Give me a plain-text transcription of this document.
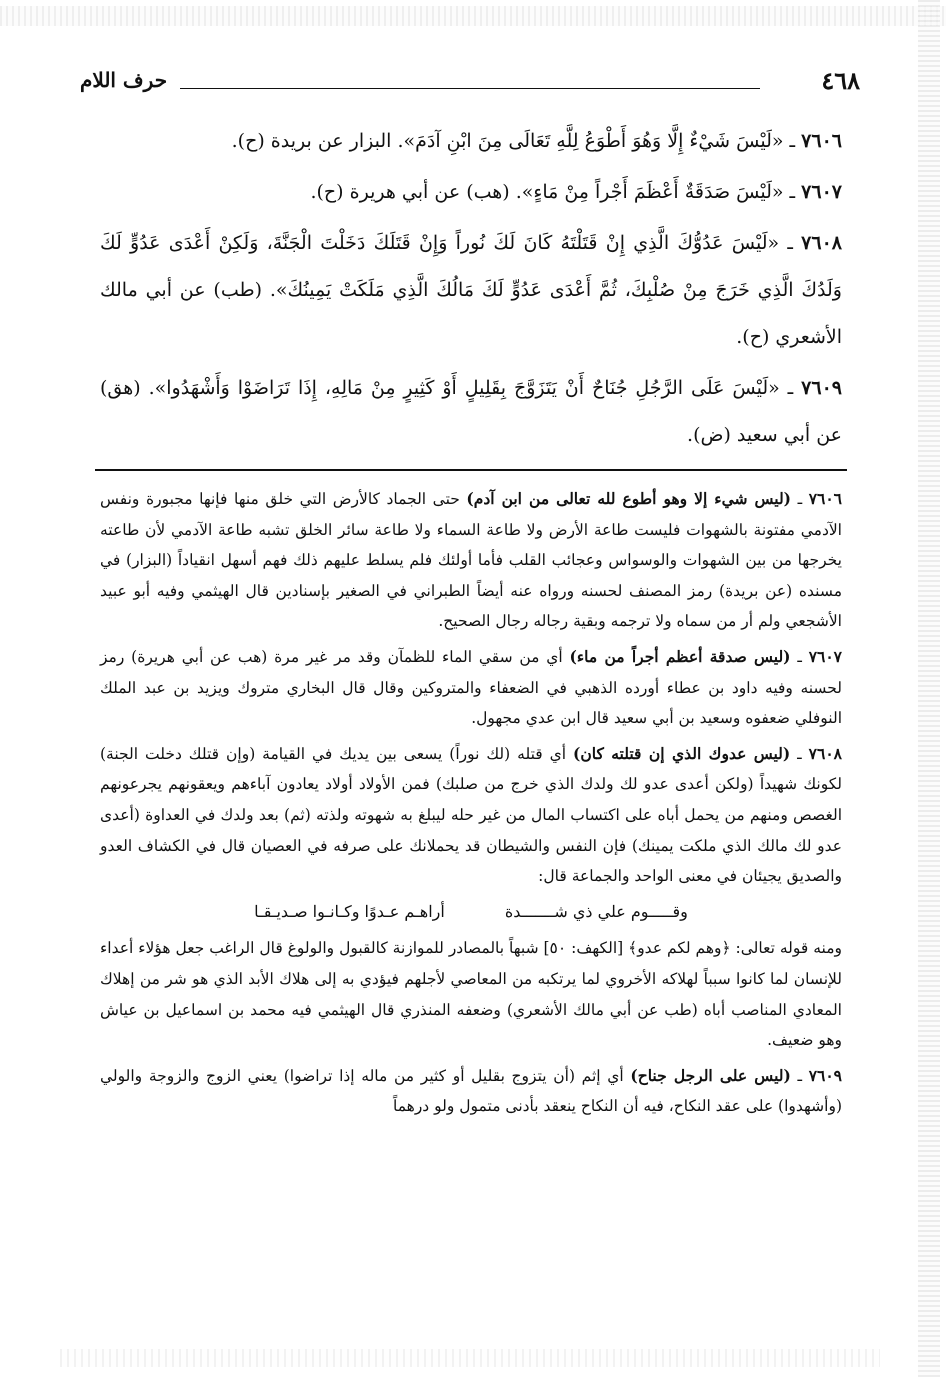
٤٦٨
حرف اللام

٧٦٠٦ ـ «لَيْسَ شَيْءٌ إِلَّا وَهُوَ أَطْوَعُ لِلَّهِ تَعَالَى مِنَ ابْنِ آدَمَ». البزار عن بريدة (ح).

٧٦٠٧ ـ «لَيْسَ صَدَقَةٌ أَعْظَمَ أَجْراً مِنْ مَاءٍ». (هب) عن أبي هريرة (ح).

٧٦٠٨ ـ «لَيْسَ عَدُوُّكَ الَّذِي إِنْ قَتَلْتَهُ كَانَ لَكَ نُوراً وَإِنْ قَتَلَكَ دَخَلْتَ الْجَنَّةَ، وَلَكِنْ أَعْدَى عَدُوٍّ لَكَ وَلَدُكَ الَّذِي خَرَجَ مِنْ صُلْبِكَ، ثُمَّ أَعْدَى عَدُوٍّ لَكَ مَالُكَ الَّذِي مَلَكَتْ يَمِينُكَ». (طب) عن أبي مالك الأشعري (ح).

٧٦٠٩ ـ «لَيْسَ عَلَى الرَّجُلِ جُنَاحٌ أَنْ يَتَزَوَّجَ بِقَلِيلٍ أَوْ كَثِيرٍ مِنْ مَالِهِ، إِذَا تَرَاضَوْا وَأَشْهَدُوا». (هق) عن أبي سعيد (ض).

٧٦٠٦ ـ (ليس شيء إلا وهو أطوع لله تعالى من ابن آدم) حتى الجماد كالأرض التي خلق منها فإنها مجبورة ونفس الآدمي مفتونة بالشهوات فليست طاعة الأرض ولا طاعة السماء ولا طاعة سائر الخلق تشبه طاعة الآدمي لأن طاعته يخرجها من بين الشهوات والوسواس وعجائب القلب فأما أولئك فلم يسلط عليهم ذلك فهم أسهل انقياداً (البزار) في مسنده (عن بريدة) رمز المصنف لحسنه ورواه عنه أيضاً الطبراني في الصغير بإسنادين قال الهيثمي وفيه أبو عبيد الأشجعي ولم أر من سماه ولا ترجمه وبقية رجاله رجال الصحيح.

٧٦٠٧ ـ (ليس صدقة أعظم أجراً من ماء) أي من سقي الماء للظمآن وقد مر غير مرة (هب عن أبي هريرة) رمز لحسنه وفيه داود بن عطاء أورده الذهبي في الضعفاء والمتروكين وقال قال البخاري متروك ويزيد بن عبد الملك النوفلي ضعفوه وسعيد بن أبي سعيد قال ابن عدي مجهول.

٧٦٠٨ ـ (ليس عدوك الذي إن قتلته كان) أي قتله (لك نوراً) يسعى بين يديك في القيامة (وإن قتلك دخلت الجنة) لكونك شهيداً (ولكن أعدى عدو لك ولدك الذي خرج من صلبك) فمن الأولاد أولاد يعادون آباءهم ويعقونهم يجرعونهم الغصص ومنهم من يحمل أباه على اكتساب المال من غير حله ليبلغ به شهوته ولذته (ثم) بعد ولدك في العداوة (أعدى عدو لك مالك الذي ملكت يمينك) فإن النفس والشيطان قد يحملانك على صرفه في العصيان قال في الكشاف العدو والصديق يجيئان في معنى الواحد والجماعة قال:

وقـــــوم علي ذي شـــــــدة
أراهـم عـدوًا وكـانـوا صـديـقـا

ومنه قوله تعالى: ﴿وهم لكم عدو﴾ [الكهف: ٥٠] شبهاً بالمصادر للموازنة كالقبول والولوغ قال الراغب جعل هؤلاء أعداء للإنسان لما كانوا سبباً لهلاكه الأخروي لما يرتكبه من المعاصي لأجلهم فيؤدي به إلى هلاك الأبد الذي هو شر من إهلاك المعادي المناصب أباه (طب عن أبي مالك الأشعري) وضعفه المنذري قال الهيثمي فيه محمد بن اسماعيل بن عياش وهو ضعيف.

٧٦٠٩ ـ (ليس على الرجل جناح) أي إثم (أن يتزوج بقليل أو كثير من ماله إذا تراضوا) يعني الزوج والزوجة والولي (وأشهدوا) على عقد النكاح، فيه أن النكاح ينعقد بأدنى متمول ولو درهماً
